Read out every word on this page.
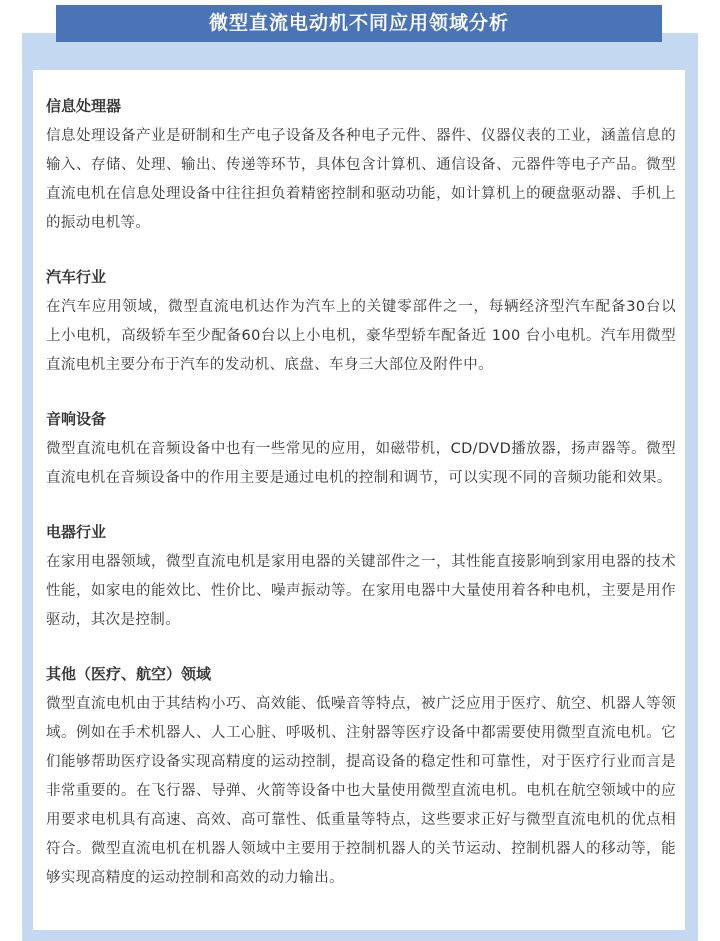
微型直流电动机不同应用领域分析
信息处理器
信息处理设备产业是研制和生产电子设备及各种电子元件、器件、仪器仪表的工业，涵盖信息的输入、存储、处理、输出、传递等环节，具体包含计算机、通信设备、元器件等电子产品。微型直流电机在信息处理设备中往往担负着精密控制和驱动功能，如计算机上的硬盘驱动器、手机上的振动电机等。
汽车行业
在汽车应用领域，微型直流电机达作为汽车上的关键零部件之一，每辆经济型汽车配备30台以上小电机，高级轿车至少配备60台以上小电机，豪华型轿车配备近 100 台小电机。汽车用微型直流电机主要分布于汽车的发动机、底盘、车身三大部位及附件中。
音响设备
微型直流电机在音频设备中也有一些常见的应用，如磁带机，CD/DVD播放器，扬声器等。微型直流电机在音频设备中的作用主要是通过电机的控制和调节，可以实现不同的音频功能和效果。
电器行业
在家用电器领域，微型直流电机是家用电器的关键部件之一，其性能直接影响到家用电器的技术性能，如家电的能效比、性价比、噪声振动等。在家用电器中大量使用着各种电机，主要是用作驱动，其次是控制。
其他（医疗、航空）领域
微型直流电机由于其结构小巧、高效能、低噪音等特点，被广泛应用于医疗、航空、机器人等领域。例如在手术机器人、人工心脏、呼吸机、注射器等医疗设备中都需要使用微型直流电机。它们能够帮助医疗设备实现高精度的运动控制，提高设备的稳定性和可靠性，对于医疗行业而言是非常重要的。在飞行器、导弹、火箭等设备中也大量使用微型直流电机。电机在航空领域中的应用要求电机具有高速、高效、高可靠性、低重量等特点，这些要求正好与微型直流电机的优点相符合。微型直流电机在机器人领域中主要用于控制机器人的关节运动、控制机器人的移动等，能够实现高精度的运动控制和高效的动力输出。
